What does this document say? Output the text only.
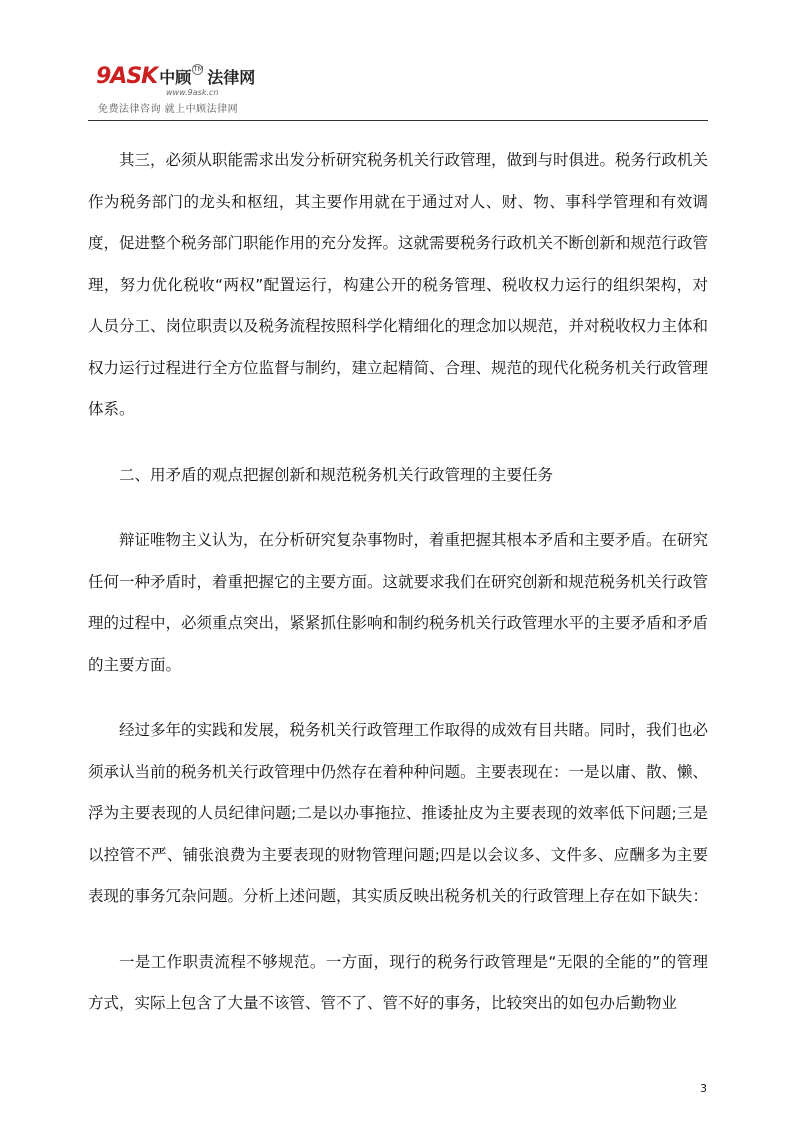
9ASK 中顾 TM 法律网
www.9ask.cn
免费法律咨询 就上中顾法律网

其三，必须从职能需求出发分析研究税务机关行政管理，做到与时俱进。税务行政机关作为税务部门的龙头和枢纽，其主要作用就在于通过对人、财、物、事科学管理和有效调度，促进整个税务部门职能作用的充分发挥。这就需要税务行政机关不断创新和规范行政管理，努力优化税收“两权”配置运行，构建公开的税务管理、税收权力运行的组织架构，对人员分工、岗位职责以及税务流程按照科学化精细化的理念加以规范，并对税收权力主体和权力运行过程进行全方位监督与制约，建立起精简、合理、规范的现代化税务机关行政管理体系。

二、用矛盾的观点把握创新和规范税务机关行政管理的主要任务

辩证唯物主义认为，在分析研究复杂事物时，着重把握其根本矛盾和主要矛盾。在研究任何一种矛盾时，着重把握它的主要方面。这就要求我们在研究创新和规范税务机关行政管理的过程中，必须重点突出，紧紧抓住影响和制约税务机关行政管理水平的主要矛盾和矛盾的主要方面。

经过多年的实践和发展，税务机关行政管理工作取得的成效有目共睹。同时，我们也必须承认当前的税务机关行政管理中仍然存在着种种问题。主要表现在：一是以庸、散、懒、浮为主要表现的人员纪律问题;二是以办事拖拉、推诿扯皮为主要表现的效率低下问题;三是以控管不严、铺张浪费为主要表现的财物管理问题;四是以会议多、文件多、应酬多为主要表现的事务冗杂问题。分析上述问题，其实质反映出税务机关的行政管理上存在如下缺失：

一是工作职责流程不够规范。一方面，现行的税务行政管理是“无限的全能的”的管理方式，实际上包含了大量不该管、管不了、管不好的事务，比较突出的如包办后勤物业

3
